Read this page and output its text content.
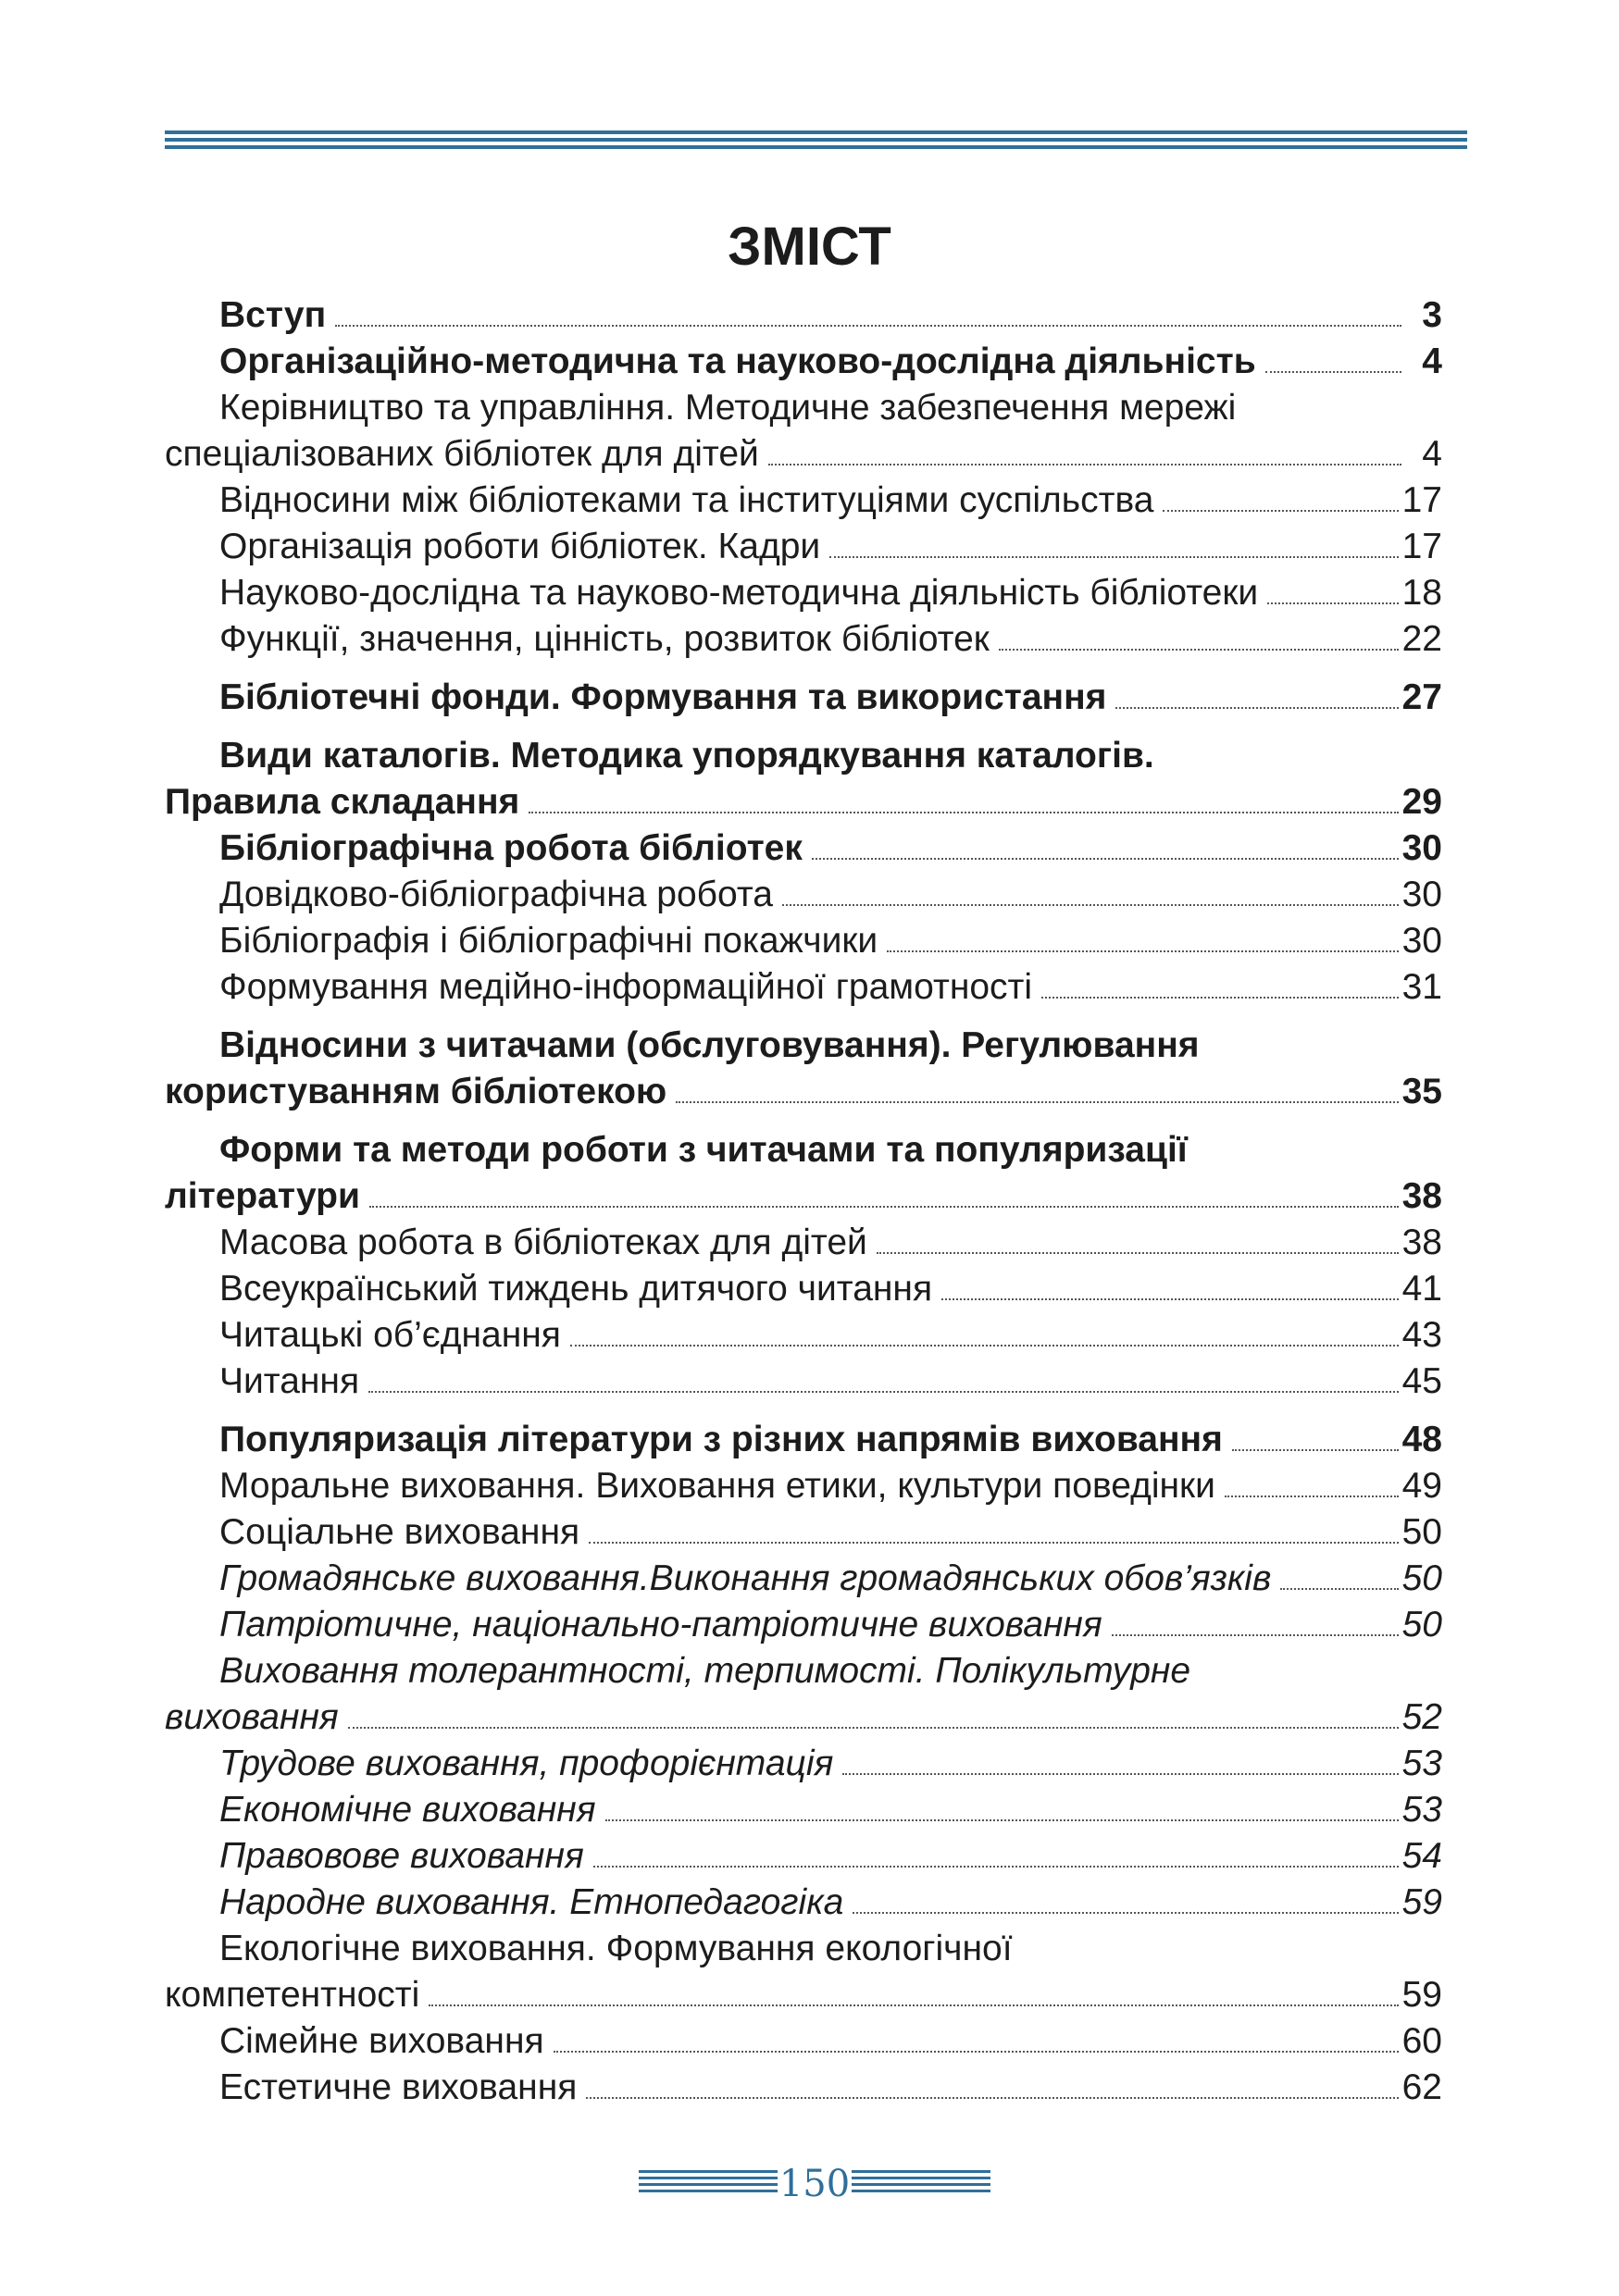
ЗМІСТ
Вступ	3
Організаційно-методична та науково-дослідна діяльність	4
Керівництво та управління. Методичне забезпечення мережі
спеціалізованих бібліотек для дітей	4
Відносини між бібліотеками та інституціями суспільства	17
Організація роботи бібліотек. Кадри	17
Науково-дослідна та науково-методична діяльність бібліотеки	18
Функції, значення, цінність, розвиток бібліотек	22
Бібліотечні фонди. Формування та використання	27
Види каталогів. Методика упорядкування каталогів.
Правила складання	29
Бібліографічна робота бібліотек	30
Довідково-бібліографічна робота	30
Бібліографія і бібліографічні покажчики	30
Формування медійно-інформаційної грамотності	31
Відносини з читачами (обслуговування). Регулювання
користуванням бібліотекою	35
Форми та методи роботи з читачами та популяризації
літератури	38
Масова робота в бібліотеках для дітей	38
Всеукраїнський тиждень дитячого читання	41
Читацькі об’єднання	43
Читання	45
Популяризація літератури з різних напрямів виховання	48
Моральне виховання. Виховання етики, культури поведінки	49
Соціальне виховання	50
Громадянське виховання.Виконання громадянських обов’язків	50
Патріотичне, національно-патріотичне виховання	50
Виховання толерантності, терпимості. Полікультурне
виховання	52
Трудове виховання, профорієнтація	53
Економічне виховання	53
Правовове виховання	54
Народне виховання. Етнопедагогіка	59
Екологічне виховання. Формування екологічної
компетентності	59
Сімейне виховання	60
Естетичне виховання	62
150
